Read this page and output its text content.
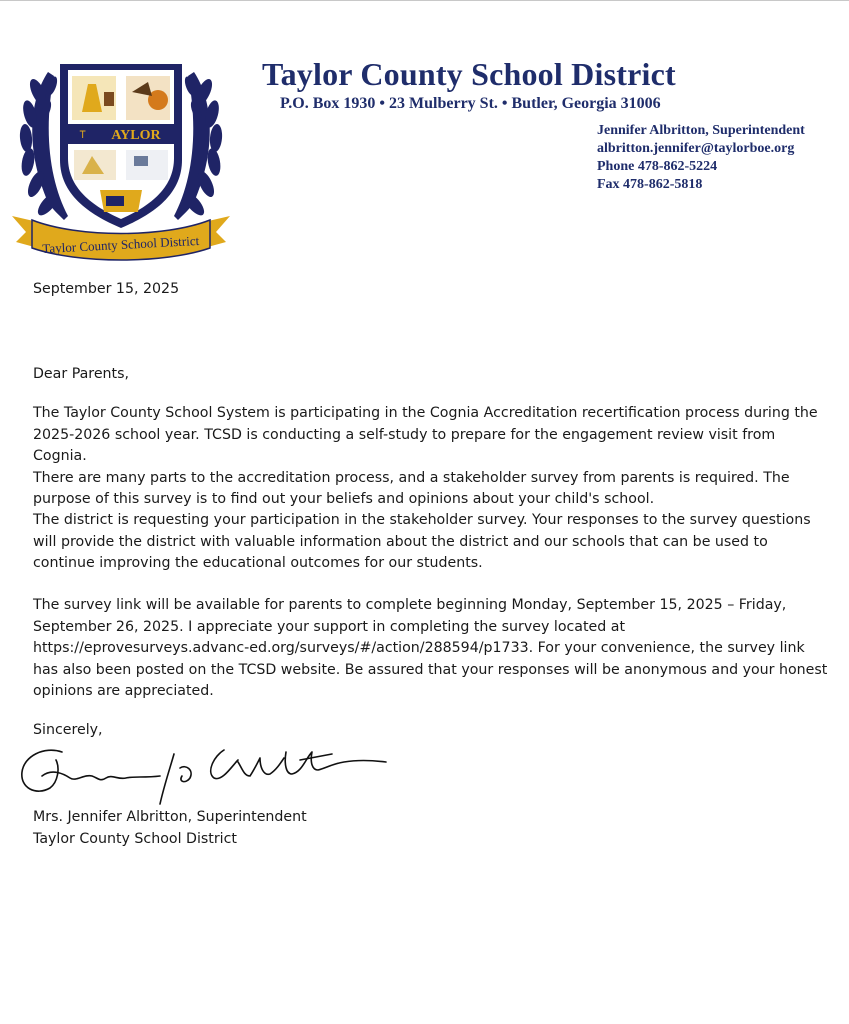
AYLOR
Ꭲ
Taylor County School District
Taylor County School District
P.O. Box 1930 • 23 Mulberry St. • Butler, Georgia 31006
Jennifer Albritton, Superintendent
albritton.jennifer@taylorboe.org
Phone 478-862-5224
Fax 478-862-5818
September 15, 2025
Dear Parents,
The Taylor County School System is participating in the Cognia Accreditation recertification process during the
2025-2026 school year. TCSD is conducting a self-study to prepare for the engagement review visit from Cognia.
There are many parts to the accreditation process, and a stakeholder survey from parents is required. The
purpose of this survey is to find out your beliefs and opinions about your child's school.
The district is requesting your participation in the stakeholder survey. Your responses to the survey questions
will provide the district with valuable information about the district and our schools that can be used to
continue improving the educational outcomes for our students.
The survey link will be available for parents to complete beginning Monday, September 15, 2025 – Friday,
September 26, 2025. I appreciate your support in completing the survey located at
https://eprovesurveys.advanc-ed.org/surveys/#/action/288594/p1733. For your convenience, the survey link
has also been posted on the TCSD website. Be assured that your responses will be anonymous and your honest
opinions are appreciated.
Sincerely,
Mrs. Jennifer Albritton, Superintendent
Taylor County School District
